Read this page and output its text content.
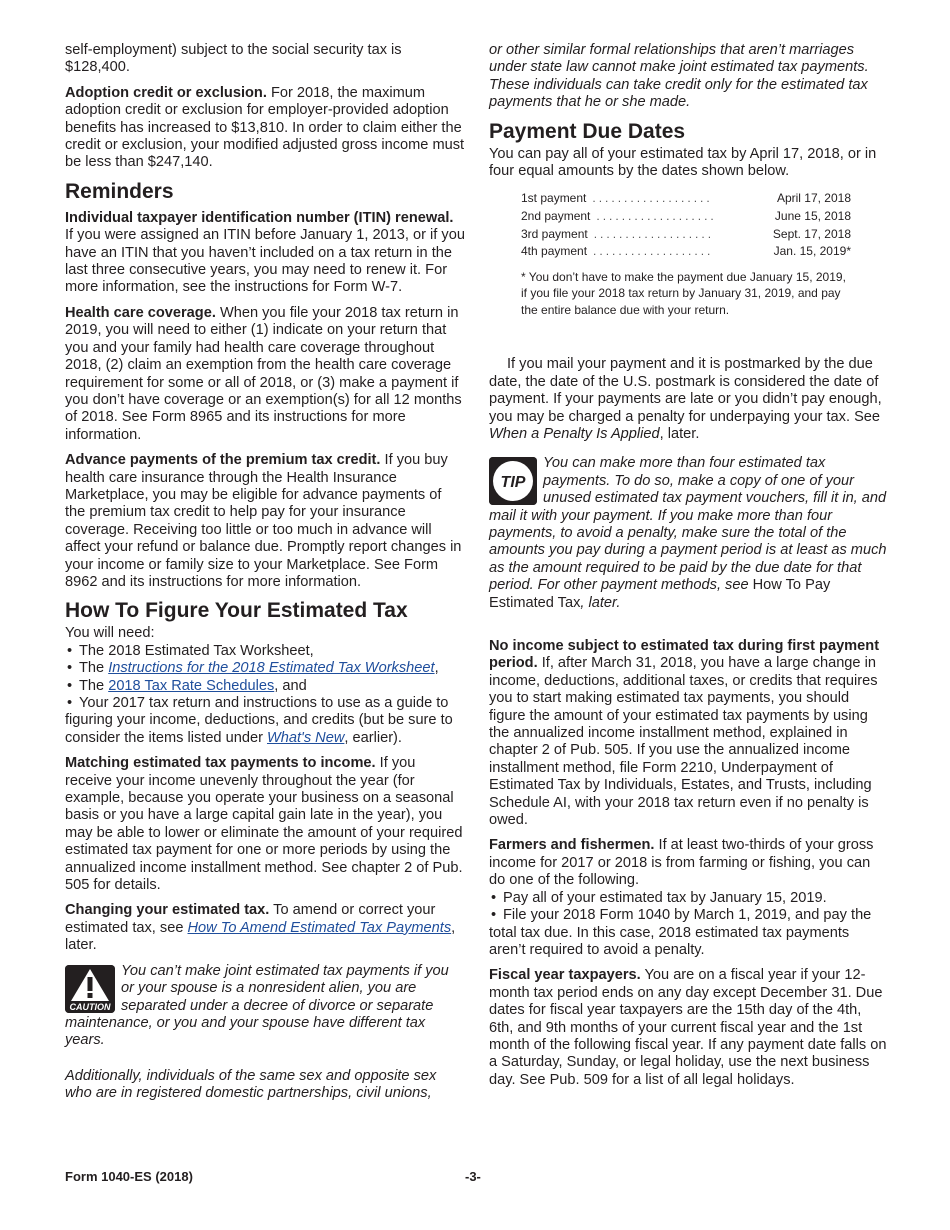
self-employment) subject to the social security tax is $128,400.

Adoption credit or exclusion. For 2018, the maximum adoption credit or exclusion for employer-provided adoption benefits has increased to $13,810. In order to claim either the credit or exclusion, your modified adjusted gross income must be less than $247,140.

Reminders

Individual taxpayer identification number (ITIN) renewal. If you were assigned an ITIN before January 1, 2013, or if you have an ITIN that you haven’t included on a tax return in the last three consecutive years, you may need to renew it. For more information, see the instructions for Form W-7.

Health care coverage. When you file your 2018 tax return in 2019, you will need to either (1) indicate on your return that you and your family had health care coverage throughout 2018, (2) claim an exemption from the health care coverage requirement for some or all of 2018, or (3) make a payment if you don’t have coverage or an exemption(s) for all 12 months of 2018. See Form 8965 and its instructions for more information.

Advance payments of the premium tax credit. If you buy health care insurance through the Health Insurance Marketplace, you may be eligible for advance payments of the premium tax credit to help pay for your insurance coverage. Receiving too little or too much in advance will affect your refund or balance due. Promptly report changes in your income or family size to your Marketplace. See Form 8962 and its instructions for more information.

How To Figure Your Estimated Tax
You will need:
• The 2018 Estimated Tax Worksheet,
• The Instructions for the 2018 Estimated Tax Worksheet,
• The 2018 Tax Rate Schedules, and
• Your 2017 tax return and instructions to use as a guide to figuring your income, deductions, and credits (but be sure to consider the items listed under What's New, earlier).

Matching estimated tax payments to income. If you receive your income unevenly throughout the year (for example, because you operate your business on a seasonal basis or you have a large capital gain late in the year), you may be able to lower or eliminate the amount of your required estimated tax payment for one or more periods by using the annualized income installment method. See chapter 2 of Pub. 505 for details.

Changing your estimated tax. To amend or correct your estimated tax, see How To Amend Estimated Tax Payments, later.

CAUTION
You can’t make joint estimated tax payments if you or your spouse is a nonresident alien, you are separated under a decree of divorce or separate maintenance, or you and your spouse have different tax years.

Additionally, individuals of the same sex and opposite sex who are in registered domestic partnerships, civil unions,

or other similar formal relationships that aren’t marriages under state law cannot make joint estimated tax payments. These individuals can take credit only for the estimated tax payments that he or she made.

Payment Due Dates

You can pay all of your estimated tax by April 17, 2018, or in four equal amounts by the dates shown below.

1st payment ...................	April 17, 2018
2nd payment ...................	June 15, 2018
3rd payment ...................	Sept. 17, 2018
4th payment ...................	Jan. 15, 2019*

* You don’t have to make the payment due January 15, 2019, if you file your 2018 tax return by January 31, 2019, and pay the entire balance due with your return.

If you mail your payment and it is postmarked by the due date, the date of the U.S. postmark is considered the date of payment. If your payments are late or you didn’t pay enough, you may be charged a penalty for underpaying your tax. See When a Penalty Is Applied, later.

TIP
You can make more than four estimated tax payments. To do so, make a copy of one of your unused estimated tax payment vouchers, fill it in, and mail it with your payment. If you make more than four payments, to avoid a penalty, make sure the total of the amounts you pay during a payment period is at least as much as the amount required to be paid by the due date for that period. For other payment methods, see How To Pay Estimated Tax, later.

No income subject to estimated tax during first payment period. If, after March 31, 2018, you have a large change in income, deductions, additional taxes, or credits that requires you to start making estimated tax payments, you should figure the amount of your estimated tax payments by using the annualized income installment method, explained in chapter 2 of Pub. 505. If you use the annualized income installment method, file Form 2210, Underpayment of Estimated Tax by Individuals, Estates, and Trusts, including Schedule AI, with your 2018 tax return even if no penalty is owed.

Farmers and fishermen. If at least two-thirds of your gross income for 2017 or 2018 is from farming or fishing, you can do one of the following.
• Pay all of your estimated tax by January 15, 2019.
• File your 2018 Form 1040 by March 1, 2019, and pay the total tax due. In this case, 2018 estimated tax payments aren’t required to avoid a penalty.

Fiscal year taxpayers. You are on a fiscal year if your 12-month tax period ends on any day except December 31. Due dates for fiscal year taxpayers are the 15th day of the 4th, 6th, and 9th months of your current fiscal year and the 1st month of the following fiscal year. If any payment date falls on a Saturday, Sunday, or legal holiday, use the next business day. See Pub. 509 for a list of all legal holidays.

Form 1040-ES (2018)	-3-
